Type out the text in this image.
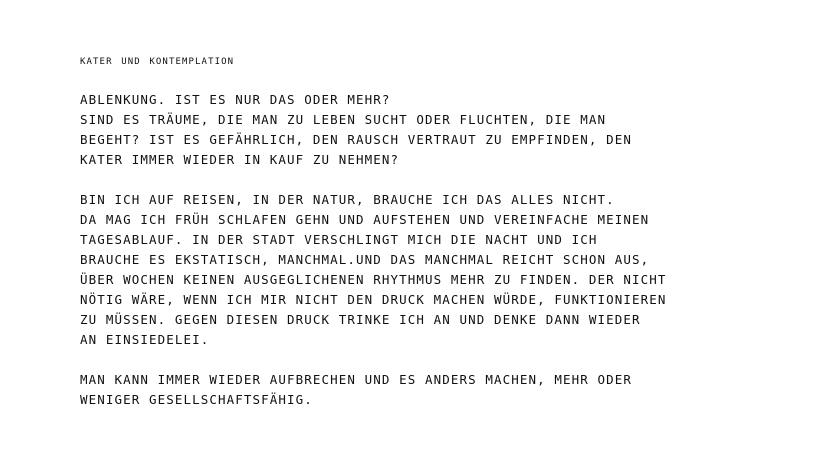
kater und kontemplation
ABLENKUNG. IST ES NUR DAS ODER MEHR?
SIND ES TRÄUME, DIE MAN ZU LEBEN SUCHT ODER FLUCHTEN, DIE MAN
BEGEHT? IST ES GEFÄHRLICH, DEN RAUSCH VERTRAUT ZU EMPFINDEN, DEN
KATER IMMER WIEDER IN KAUF ZU NEHMEN?
BIN ICH AUF REISEN, IN DER NATUR, BRAUCHE ICH DAS ALLES NICHT.
DA MAG ICH FRÜH SCHLAFEN GEHN UND AUFSTEHEN UND VEREINFACHE MEINEN
TAGESABLAUF. IN DER STADT VERSCHLINGT MICH DIE NACHT UND ICH
BRAUCHE ES EKSTATISCH, MANCHMAL.UND DAS MANCHMAL REICHT SCHON AUS,
ÜBER WOCHEN KEINEN AUSGEGLICHENEN RHYTHMUS MEHR ZU FINDEN. DER NICHT
NÖTIG WÄRE, WENN ICH MIR NICHT DEN DRUCK MACHEN WÜRDE, FUNKTIONIEREN
ZU MÜSSEN. GEGEN DIESEN DRUCK TRINKE ICH AN UND DENKE DANN WIEDER
AN EINSIEDELEI.
MAN KANN IMMER WIEDER AUFBRECHEN UND ES ANDERS MACHEN, MEHR ODER
WENIGER GESELLSCHAFTSFÄHIG.
